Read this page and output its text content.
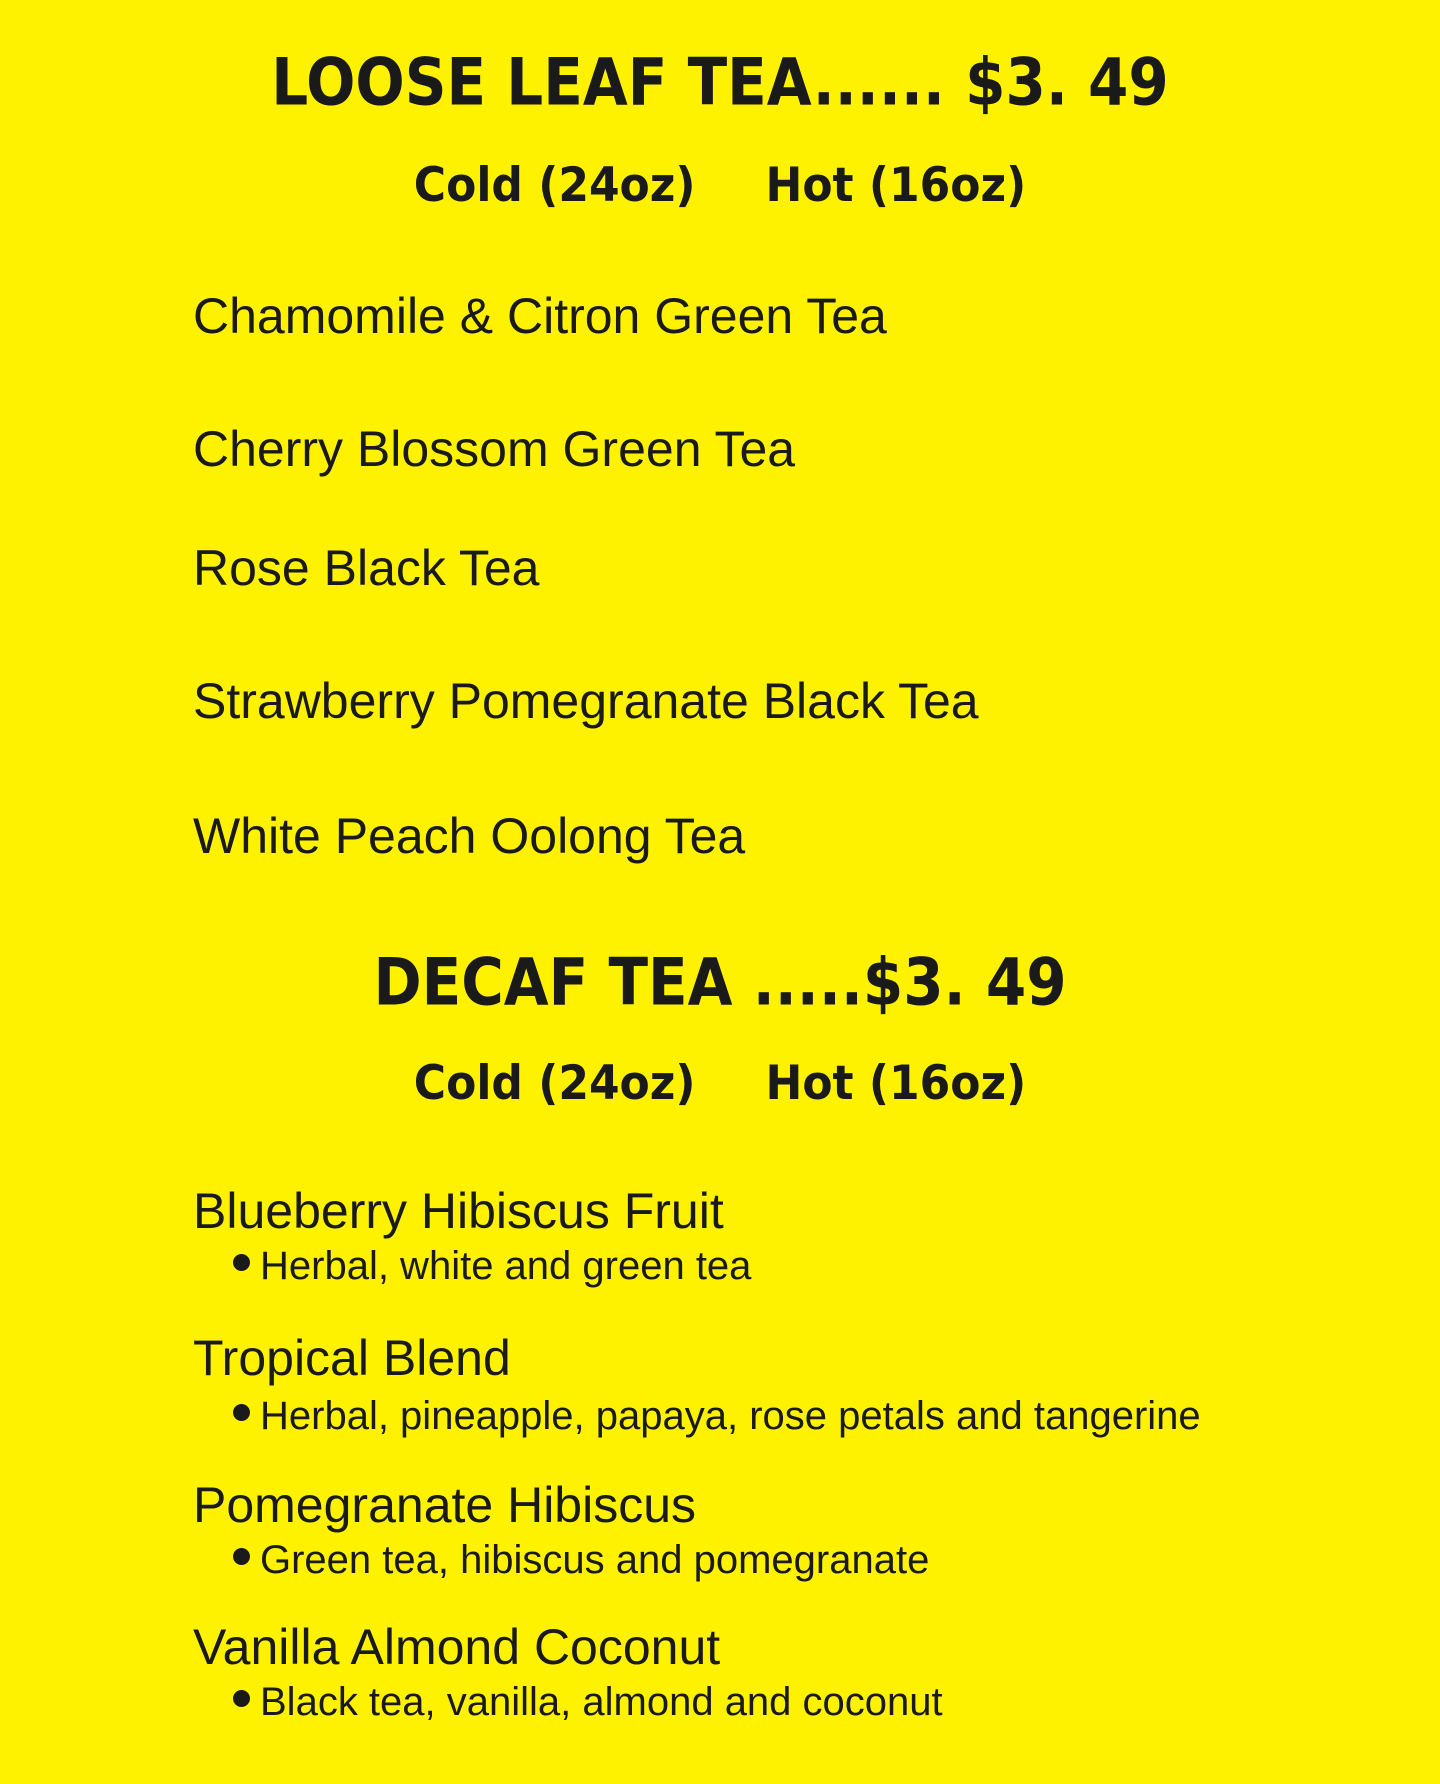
LOOSE LEAF TEA...... $3. 49
Cold (24oz) Hot (16oz)
Chamomile & Citron Green Tea
Cherry Blossom Green Tea
Rose Black Tea
Strawberry Pomegranate Black Tea
White Peach Oolong Tea
DECAF TEA .....$3. 49
Cold (24oz) Hot (16oz)
Blueberry Hibiscus Fruit
Herbal, white and green tea
Tropical Blend
Herbal, pineapple, papaya, rose petals and tangerine
Pomegranate Hibiscus
Green tea, hibiscus and pomegranate
Vanilla Almond Coconut
Black tea, vanilla, almond and coconut
